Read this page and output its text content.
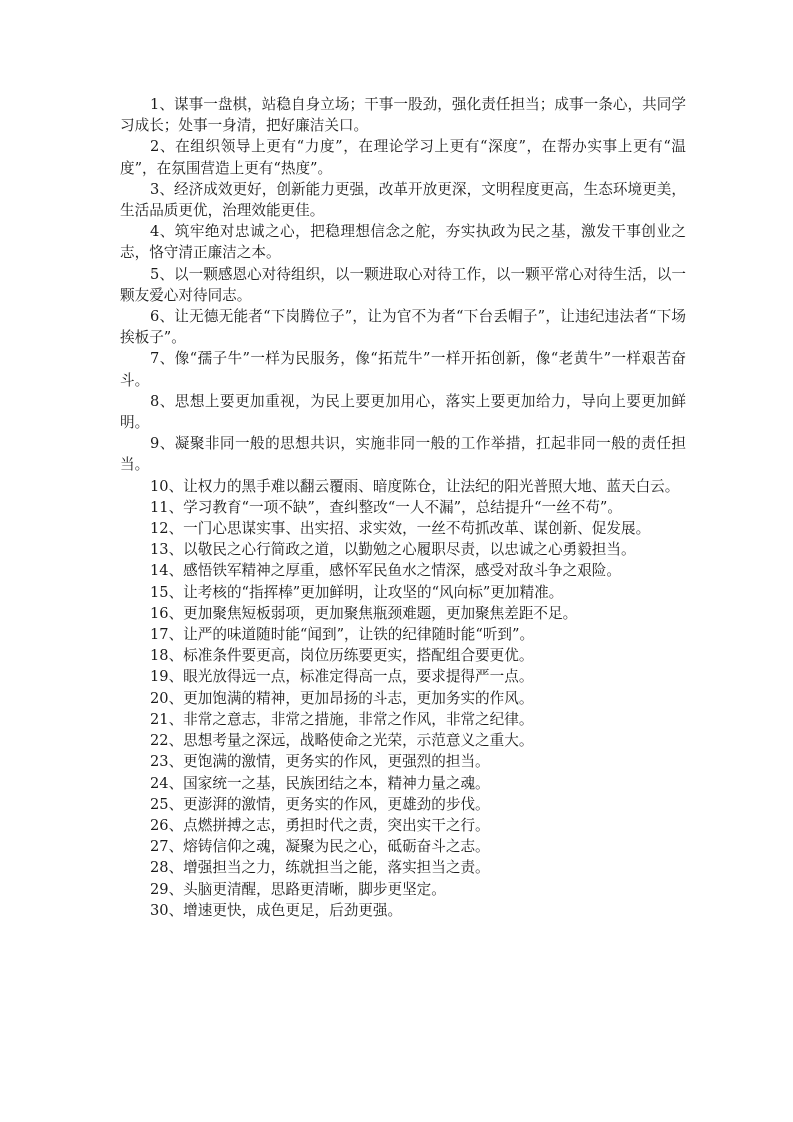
1、谋事一盘棋，站稳自身立场；干事一股劲，强化责任担当；成事一条心，共同学习成长；处事一身清，把好廉洁关口。

2、在组织领导上更有“力度”，在理论学习上更有“深度”，在帮办实事上更有“温度”，在氛围营造上更有“热度”。

3、经济成效更好，创新能力更强，改革开放更深，文明程度更高，生态环境更美，生活品质更优，治理效能更佳。

4、筑牢绝对忠诚之心，把稳理想信念之舵，夯实执政为民之基，激发干事创业之志，恪守清正廉洁之本。

5、以一颗感恩心对待组织，以一颗进取心对待工作，以一颗平常心对待生活，以一颗友爱心对待同志。

6、让无德无能者“下岗腾位子”，让为官不为者“下台丢帽子”，让违纪违法者“下场挨板子”。

7、像“孺子牛”一样为民服务，像“拓荒牛”一样开拓创新，像“老黄牛”一样艰苦奋斗。

8、思想上要更加重视，为民上要更加用心，落实上要更加给力，导向上要更加鲜明。

9、凝聚非同一般的思想共识，实施非同一般的工作举措，扛起非同一般的责任担当。

10、让权力的黑手难以翻云覆雨、暗度陈仓，让法纪的阳光普照大地、蓝天白云。

11、学习教育“一项不缺”，查纠整改“一人不漏”，总结提升“一丝不苟”。

12、一门心思谋实事、出实招、求实效，一丝不苟抓改革、谋创新、促发展。

13、以敬民之心行简政之道，以勤勉之心履职尽责，以忠诚之心勇毅担当。

14、感悟铁军精神之厚重，感怀军民鱼水之情深，感受对敌斗争之艰险。

15、让考核的“指挥棒”更加鲜明，让攻坚的“风向标”更加精准。

16、更加聚焦短板弱项，更加聚焦瓶颈难题，更加聚焦差距不足。

17、让严的味道随时能“闻到”，让铁的纪律随时能“听到”。

18、标准条件要更高，岗位历练要更实，搭配组合要更优。

19、眼光放得远一点，标准定得高一点，要求提得严一点。

20、更加饱满的精神，更加昂扬的斗志，更加务实的作风。

21、非常之意志，非常之措施，非常之作风，非常之纪律。

22、思想考量之深远，战略使命之光荣，示范意义之重大。

23、更饱满的激情，更务实的作风，更强烈的担当。

24、国家统一之基，民族团结之本，精神力量之魂。

25、更澎湃的激情，更务实的作风，更雄劲的步伐。

26、点燃拼搏之志，勇担时代之责，突出实干之行。

27、熔铸信仰之魂，凝聚为民之心，砥砺奋斗之志。

28、增强担当之力，练就担当之能，落实担当之责。

29、头脑更清醒，思路更清晰，脚步更坚定。

30、增速更快，成色更足，后劲更强。
